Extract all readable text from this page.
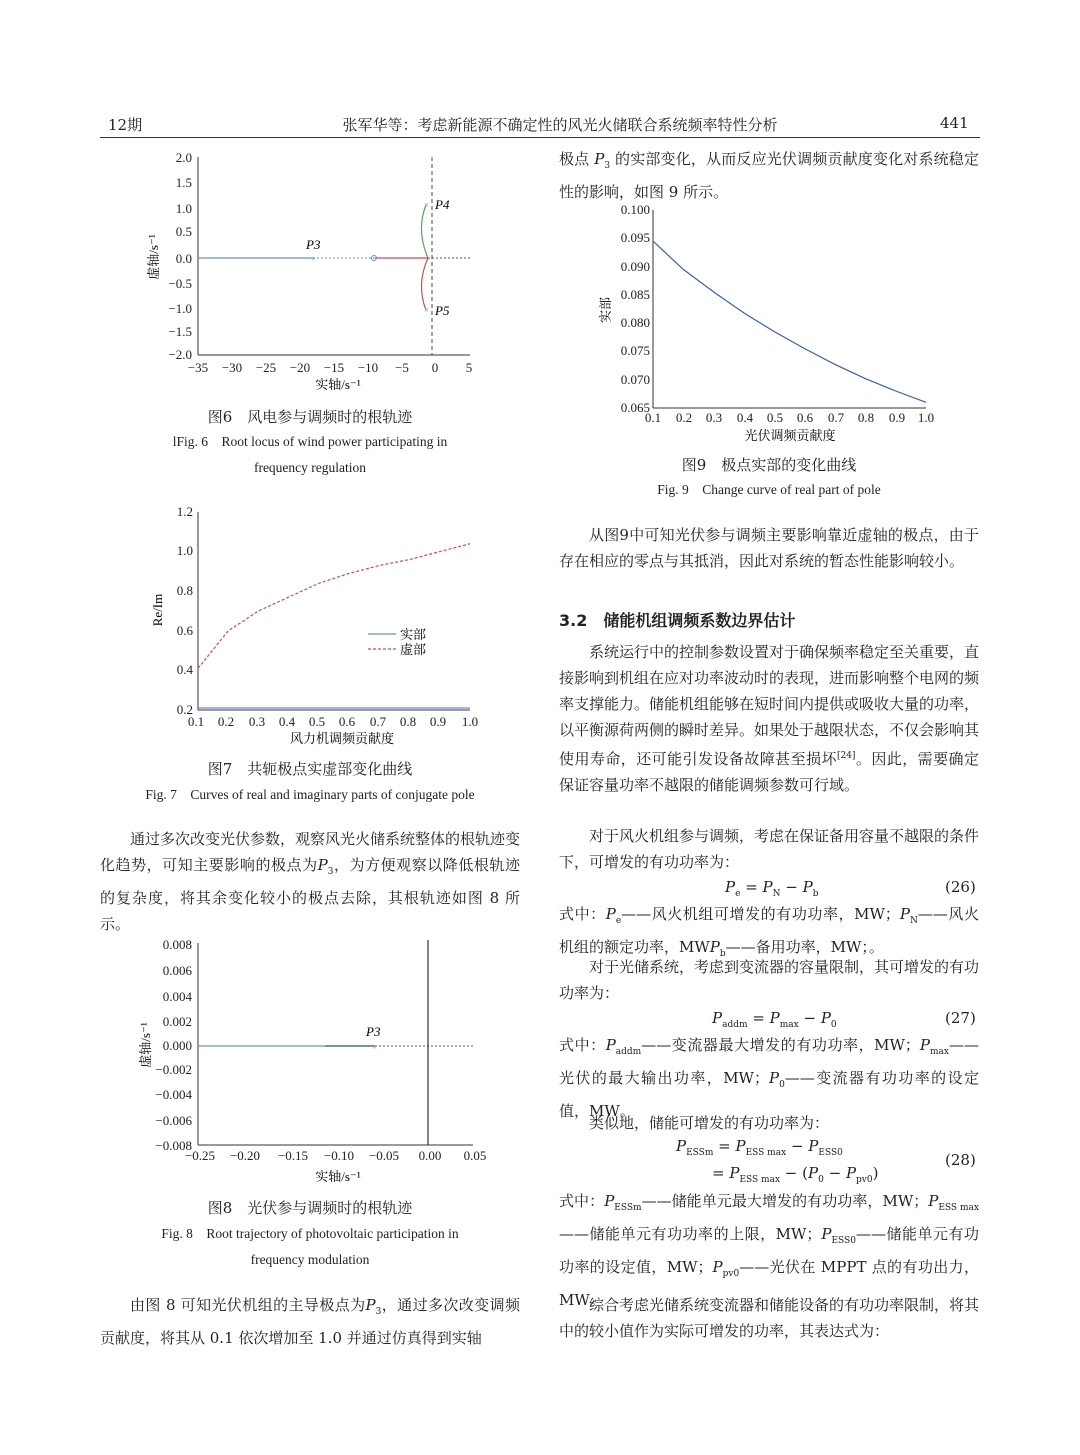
12期	张军华等：考虑新能源不确定性的风光火储联合系统频率特性分析	441
2.0
1.5
1.0
0.5
0.0
−0.5
−1.0
−1.5
−2.0
−35 −30 −25 −20 −15 −10 −5 0 5
实轴/s⁻¹
虚轴/s⁻¹	×
×
×
P3
P4
P5
图6　风电参与调频时的根轨迹
lFig. 6　Root locus of wind power participating in
frequency regulation
1.2
1.0
0.8
0.6
0.4
0.2
0.1 0.2 0.3 0.4 0.5 0.6 0.7 0.8 0.9 1.0
风力机调频贡献度
Re/Im
实部
虚部
图7　共轭极点实虚部变化曲线
Fig. 7　Curves of real and imaginary parts of conjugate pole

通过多次改变光伏参数，观察风光火储系统整体的根轨迹变化趋势，可知主要影响的极点为$P_3$，为方便观察以降低根轨迹的复杂度，将其余变化较小的极点去除，其根轨迹如图 8 所示。

0.008
0.006
0.004
0.002
0.000
−0.002
−0.004
−0.006
−0.008
−0.25 −0.20 −0.15 −0.10 −0.05 0.00 0.05
实轴/s⁻¹
虚轴/s⁻¹	×
P3
图8　光伏参与调频时的根轨迹
Fig. 8　Root trajectory of photovoltaic participation in
frequency modulation

由图 8 可知光伏机组的主导极点为$P_3$，通过多次改变调频贡献度，将其从 0.1 依次增加至 1.0 并通过仿真得到实轴

极点 $P_3$ 的实部变化，从而反应光伏调频贡献度变化对系统稳定性的影响，如图 9 所示。

0.100
0.095
0.090
0.085
0.080
0.075
0.070
0.065
0.1 0.2 0.3 0.4 0.5 0.6 0.7 0.8 0.9 1.0
光伏调频贡献度
实部
图9　极点实部的变化曲线
Fig. 9　Change curve of real part of pole

从图9中可知光伏参与调频主要影响靠近虚轴的极点，由于存在相应的零点与其抵消，因此对系统的暂态性能影响较小。

3.2　储能机组调频系数边界估计

系统运行中的控制参数设置对于确保频率稳定至关重要，直接影响到机组在应对功率波动时的表现，进而影响整个电网的频率支撑能力。储能机组能够在短时间内提供或吸收大量的功率，以平衡源荷两侧的瞬时差异。如果处于越限状态，不仅会影响其使用寿命，还可能引发设备故障甚至损坏[24]。因此，需要确定保证容量功率不越限的储能调频参数可行域。

对于风火机组参与调频，考虑在保证备用容量不越限的条件下，可增发的有功功率为：

$P_e = P_N - P_b$	(26)

式中：$P_e——$风火机组可增发的有功功率，MW；$P_N——$风火机组的额定功率，$MWP_b——$备用功率，MW；。

对于光储系统，考虑到变流器的容量限制，其可增发的有功功率为：

$P_{addm} = P_{max} - P_0$	(27)

式中：$P_{addm}——$变流器最大增发的有功功率，MW；$P_{max}——$光伏的最大输出功率，MW；$P_0——$变流器有功功率的设定值，MW。

类似地，储能可增发的有功功率为：

$P_{ESSm} = P_{ESS max} - P_{ESS0}$
= $P_{ESS max} - (P_0 - P_{pv0})$
(28)

式中：$P_{ESSm}——$储能单元最大增发的有功功率，MW；$P_{ESS max}——$储能单元有功功率的上限，MW；$P_{ESS0}——$储能单元有功功率的设定值，MW；$P_{pv0}——$光伏在 MPPT 点的有功出力，MW。

综合考虑光储系统变流器和储能设备的有功功率限制，将其中的较小值作为实际可增发的功率，其表达式为：
